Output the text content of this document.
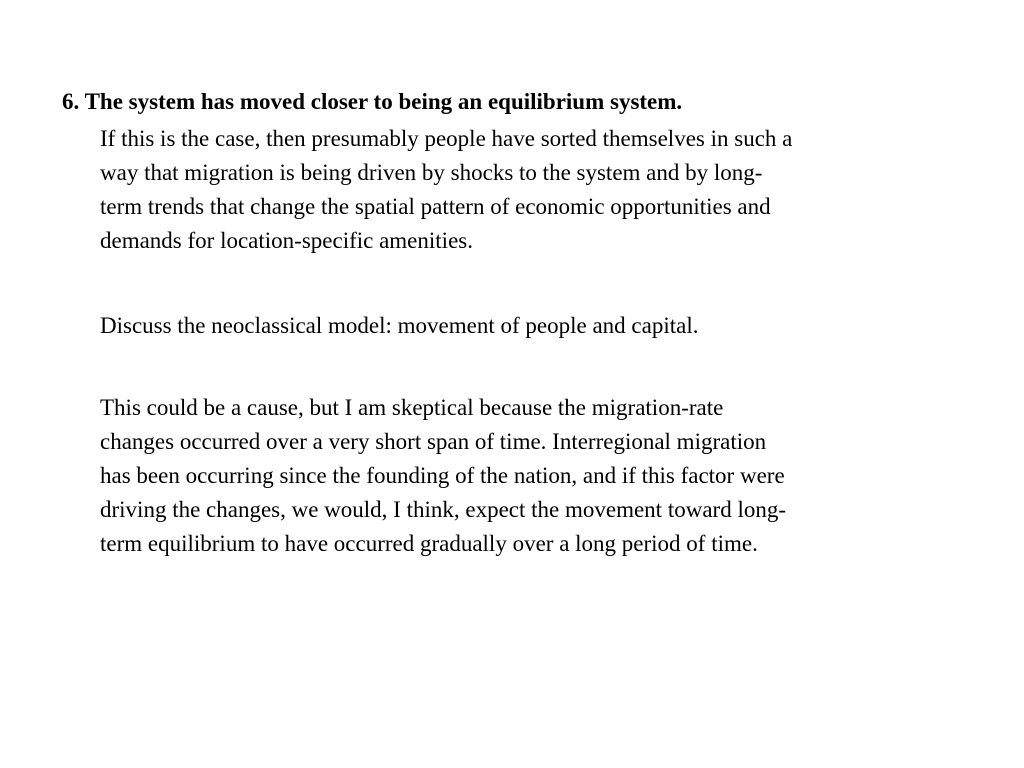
6. The system has moved closer to being an equilibrium system.
If this is the case, then presumably people have sorted themselves in such a
way that migration is being driven by shocks to the system and by long-
term trends that change the spatial pattern of economic opportunities and
demands for location-specific amenities.
Discuss the neoclassical model: movement of people and capital.
This could be a cause, but I am skeptical because the migration-rate
changes occurred over a very short span of time. Interregional migration
has been occurring since the founding of the nation, and if this factor were
driving the changes, we would, I think, expect the movement toward long-
term equilibrium to have occurred gradually over a long period of time.
